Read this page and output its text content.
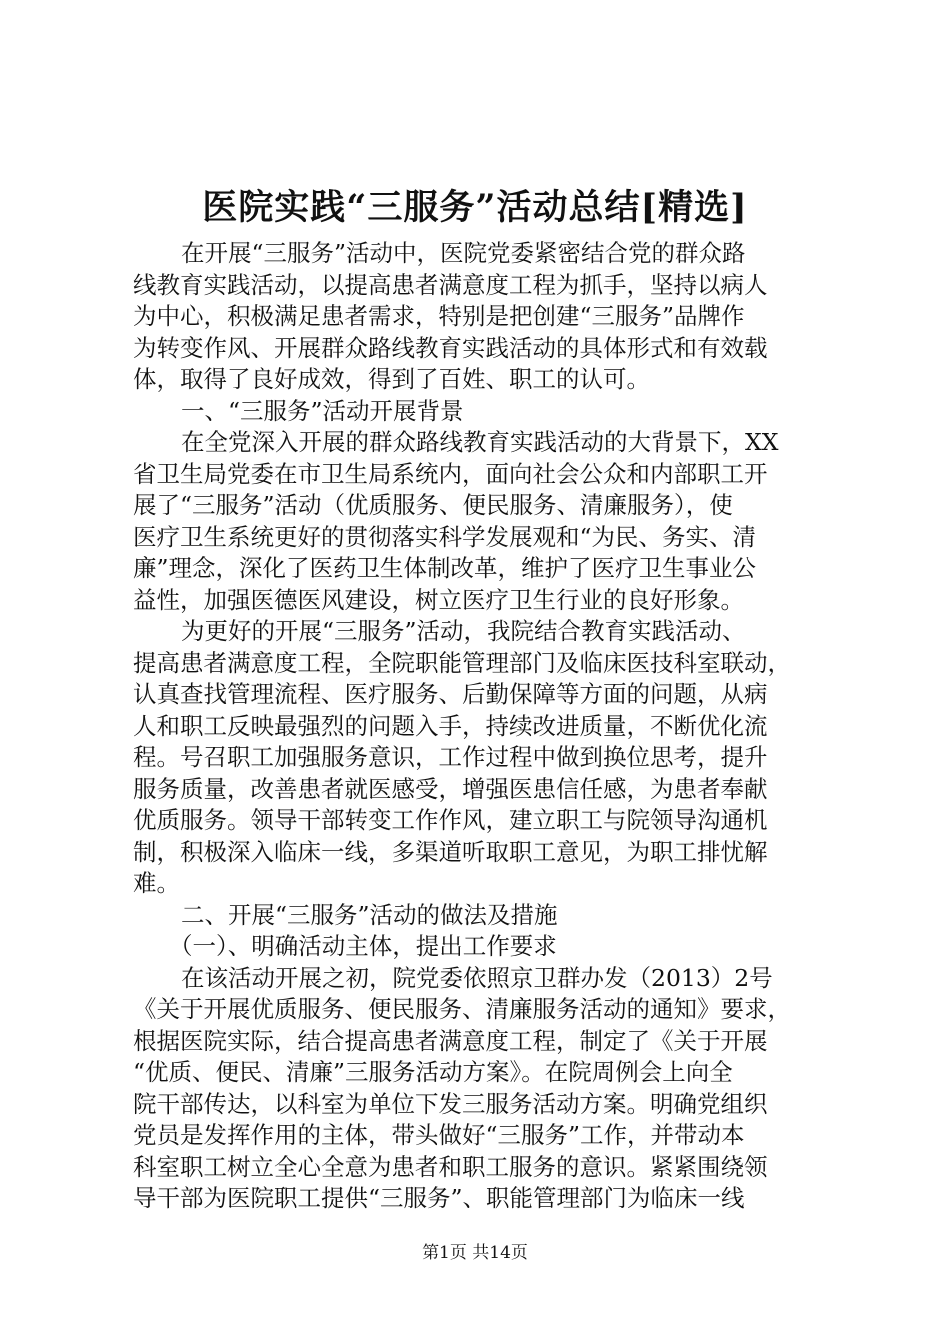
医院实践“三服务”活动总结[精选]
在开展“三服务”活动中，医院党委紧密结合党的群众路
线教育实践活动，以提高患者满意度工程为抓手，坚持以病人
为中心，积极满足患者需求，特别是把创建“三服务”品牌作
为转变作风、开展群众路线教育实践活动的具体形式和有效载
体，取得了良好成效，得到了百姓、职工的认可。
一、“三服务”活动开展背景
在全党深入开展的群众路线教育实践活动的大背景下，XX
省卫生局党委在市卫生局系统内，面向社会公众和内部职工开
展了“三服务”活动（优质服务、便民服务、清廉服务），使
医疗卫生系统更好的贯彻落实科学发展观和“为民、务实、清
廉”理念，深化了医药卫生体制改革，维护了医疗卫生事业公
益性，加强医德医风建设，树立医疗卫生行业的良好形象。
为更好的开展“三服务”活动，我院结合教育实践活动、
提高患者满意度工程，全院职能管理部门及临床医技科室联动，
认真查找管理流程、医疗服务、后勤保障等方面的问题，从病
人和职工反映最强烈的问题入手，持续改进质量，不断优化流
程。号召职工加强服务意识，工作过程中做到换位思考，提升
服务质量，改善患者就医感受，增强医患信任感，为患者奉献
优质服务。领导干部转变工作作风，建立职工与院领导沟通机
制，积极深入临床一线，多渠道听取职工意见，为职工排忧解
难。
二、开展“三服务”活动的做法及措施
（一）、明确活动主体，提出工作要求
在该活动开展之初，院党委依照京卫群办发（2013）2号
《关于开展优质服务、便民服务、清廉服务活动的通知》要求，
根据医院实际，结合提高患者满意度工程，制定了《关于开展
“优质、便民、清廉”三服务活动方案》。在院周例会上向全
院干部传达，以科室为单位下发三服务活动方案。明确党组织
党员是发挥作用的主体，带头做好“三服务”工作，并带动本
科室职工树立全心全意为患者和职工服务的意识。紧紧围绕领
导干部为医院职工提供“三服务”、职能管理部门为临床一线
第1页 共14页
